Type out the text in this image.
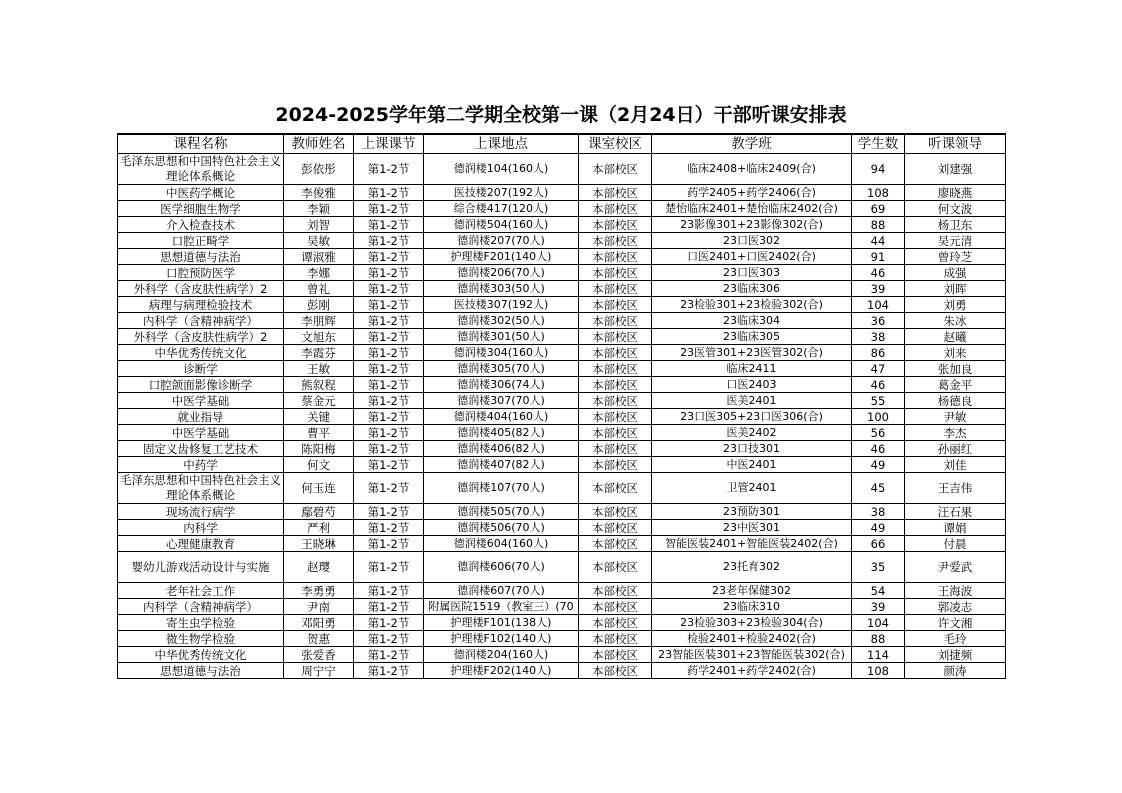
2024-2025学年第二学期全校第一课（2月24日）干部听课安排表
课程名称	教师姓名	上课课节	上课地点	课室校区	教学班	学生数	听课领导
毛泽东思想和中国特色社会主义理论体系概论	彭依彤	第1-2节	德润楼104(160人)	本部校区	临床2408+临床2409(合)	94	刘建强
中医药学概论	李俊雅	第1-2节	医技楼207(192人)	本部校区	药学2405+药学2406(合)	108	廖晓燕
医学细胞生物学	李颖	第1-2节	综合楼417(120人)	本部校区	楚怡临床2401+楚怡临床2402(合)	69	何文波
介入检查技术	刘智	第1-2节	德润楼504(160人)	本部校区	23影像301+23影像302(合)	88	杨卫东
口腔正畸学	吴敏	第1-2节	德润楼207(70人)	本部校区	23口医302	44	吴元清
思想道德与法治	谭淑雅	第1-2节	护理楼F201(140人)	本部校区	口医2401+口医2402(合)	91	曾玲芝
口腔预防医学	李娜	第1-2节	德润楼206(70人)	本部校区	23口医303	46	成强
外科学（含皮肤性病学）2	曾礼	第1-2节	德润楼303(50人)	本部校区	23临床306	39	刘晖
病理与病理检验技术	彭刚	第1-2节	医技楼307(192人)	本部校区	23检验301+23检验302(合)	104	刘勇
内科学（含精神病学）	李朋辉	第1-2节	德润楼302(50人)	本部校区	23临床304	36	朱冰
外科学（含皮肤性病学）2	文旭东	第1-2节	德润楼301(50人)	本部校区	23临床305	38	赵曦
中华优秀传统文化	李霞芬	第1-2节	德润楼304(160人)	本部校区	23医管301+23医管302(合)	86	刘来
诊断学	王敏	第1-2节	德润楼305(70人)	本部校区	临床2411	47	张加良
口腔颌面影像诊断学	熊叙程	第1-2节	德润楼306(74人)	本部校区	口医2403	46	葛金平
中医学基础	蔡金元	第1-2节	德润楼307(70人)	本部校区	医美2401	55	杨德良
就业指导	关键	第1-2节	德润楼404(160人)	本部校区	23口医305+23口医306(合)	100	尹敏
中医学基础	曹平	第1-2节	德润楼405(82人)	本部校区	医美2402	56	李杰
固定义齿修复工艺技术	陈阳梅	第1-2节	德润楼406(82人)	本部校区	23口技301	46	孙丽红
中药学	何文	第1-2节	德润楼407(82人)	本部校区	中医2401	49	刘佳
毛泽东思想和中国特色社会主义理论体系概论	何玉连	第1-2节	德润楼107(70人)	本部校区	卫管2401	45	王吉伟
现场流行病学	鄢碧芍	第1-2节	德润楼505(70人)	本部校区	23预防301	38	汪石果
内科学	严利	第1-2节	德润楼506(70人)	本部校区	23中医301	49	谭娟
心理健康教育	王晓琳	第1-2节	德润楼604(160人)	本部校区	智能医装2401+智能医装2402(合)	66	付晨
婴幼儿游戏活动设计与实施	赵璎	第1-2节	德润楼606(70人)	本部校区	23托育302	35	尹爱武
老年社会工作	李勇勇	第1-2节	德润楼607(70人)	本部校区	23老年保健302	54	王海波
内科学（含精神病学）	尹南	第1-2节	附属医院1519（教室三）(70	本部校区	23临床310	39	郭凌志
寄生虫学检验	邓阳勇	第1-2节	护理楼F101(138人)	本部校区	23检验303+23检验304(合)	104	许文湘
微生物学检验	贺惠	第1-2节	护理楼F102(140人)	本部校区	检验2401+检验2402(合)	88	毛玲
中华优秀传统文化	张爱香	第1-2节	德润楼204(160人)	本部校区	23智能医装301+23智能医装302(合)	114	刘捷频
思想道德与法治	周宁宁	第1-2节	护理楼F202(140人)	本部校区	药学2401+药学2402(合)	108	颜涛
